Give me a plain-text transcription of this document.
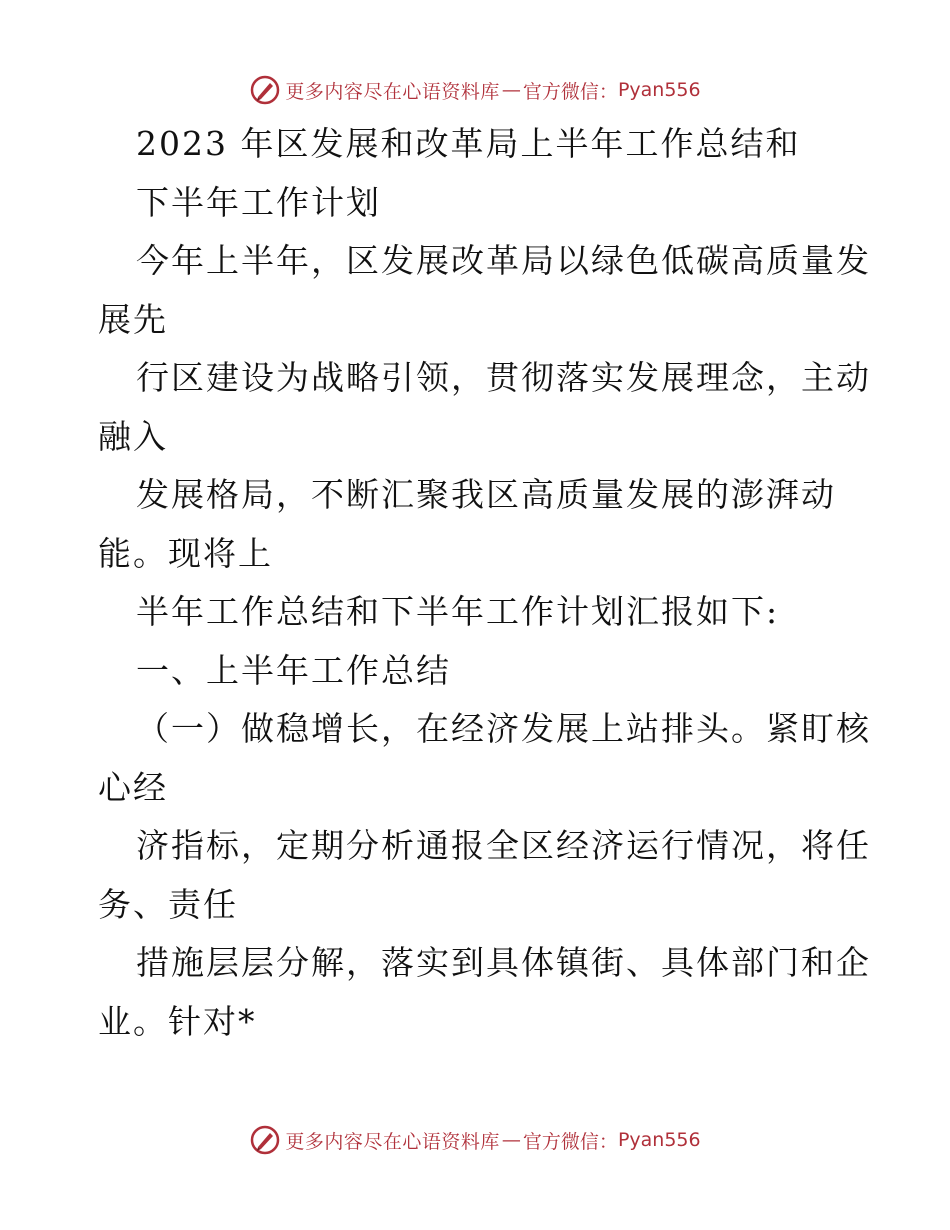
更多内容尽在心语资料库 — 官方微信： Pyan556
2023 年区发展和改革局上半年工作总结和
下半年工作计划
今年上半年，区发展改革局以绿色低碳高质量发
展先
行区建设为战略引领，贯彻落实发展理念，主动
融入
发展格局，不断汇聚我区高质量发展的澎湃动
能。现将上
半年工作总结和下半年工作计划汇报如下:
一、上半年工作总结
（一）做稳增长，在经济发展上站排头。紧盯核
心经
济指标，定期分析通报全区经济运行情况，将任
务、责任
措施层层分解，落实到具体镇街、具体部门和企
业。针对*
更多内容尽在心语资料库 — 官方微信： Pyan556
